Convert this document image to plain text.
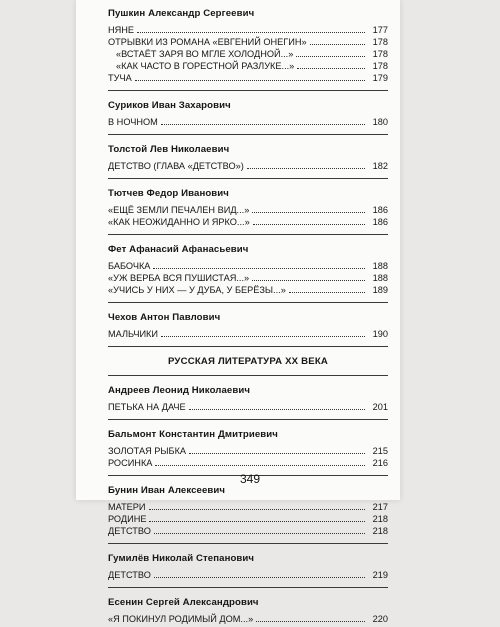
Пушкин Александр Сергеевич
НЯНЕ	177
ОТРЫВКИ ИЗ РОМАНА «ЕВГЕНИЙ ОНЕГИН»	178
«ВСТАЁТ ЗАРЯ ВО МГЛЕ ХОЛОДНОЙ...»	178
«КАК ЧАСТО В ГОРЕСТНОЙ РАЗЛУКЕ...»	178
ТУЧА	179
Суриков Иван Захарович
В НОЧНОМ	180
Толстой Лев Николаевич
ДЕТСТВО (ГЛАВА «ДЕТСТВО»)	182
Тютчев Федор Иванович
«ЕЩЁ ЗЕМЛИ ПЕЧАЛЕН ВИД...»	186
«КАК НЕОЖИДАННО И ЯРКО...»	186
Фет Афанасий Афанасьевич
БАБОЧКА	188
«УЖ ВЕРБА ВСЯ ПУШИСТАЯ...»	188
«УЧИСЬ У НИХ — У ДУБА, У БЕРЁЗЫ...»	189
Чехов Антон Павлович
МАЛЬЧИКИ	190
РУССКАЯ ЛИТЕРАТУРА XX ВЕКА
Андреев Леонид Николаевич
ПЕТЬКА НА ДАЧЕ	201
Бальмонт Константин Дмитриевич
ЗОЛОТАЯ РЫБКА	215
РОСИНКА	216
Бунин Иван Алексеевич
МАТЕРИ	217
РОДИНЕ	218
ДЕТСТВО	218
Гумилёв Николай Степанович
ДЕТСТВО	219
Есенин Сергей Александрович
«Я ПОКИНУЛ РОДИМЫЙ ДОМ...»	220
349
